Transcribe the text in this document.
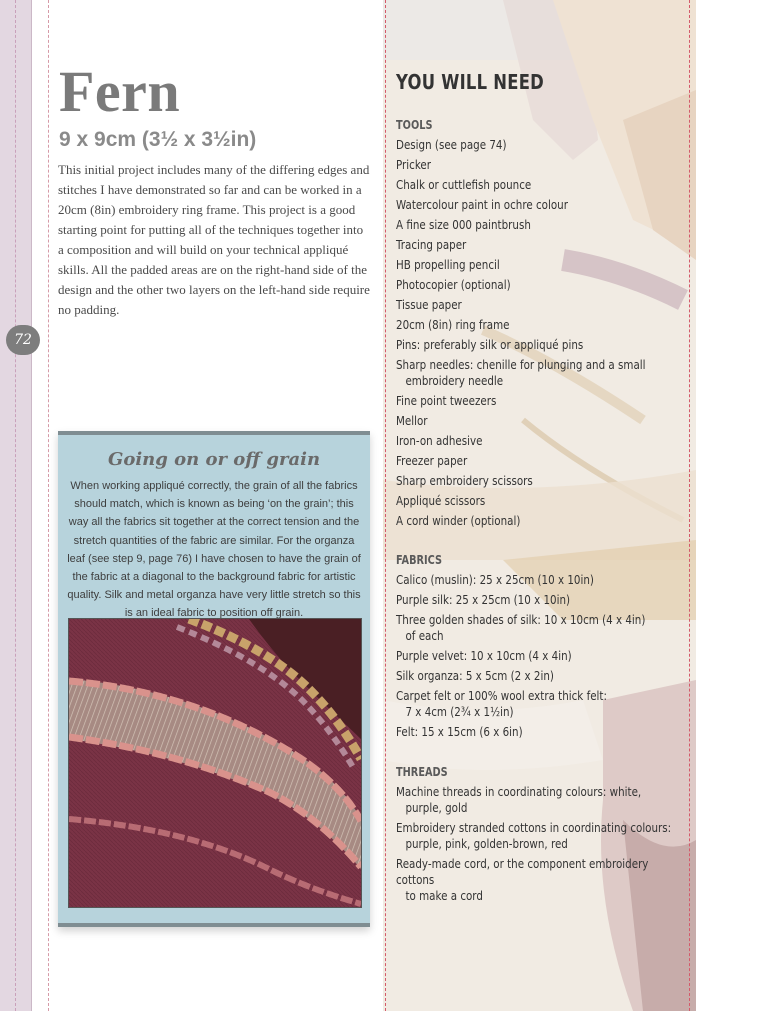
72
Fern
9 x 9cm (3½ x 3½in)

This initial project includes many of the differing edges and stitches I have demonstrated so far and can be worked in a 20cm (8in) embroidery ring frame. This project is a good starting point for putting all of the techniques together into a composition and will build on your technical appliqué skills. All the padded areas are on the right-hand side of the design and the other two layers on the left-hand side require no padding.

Going on or off grain

When working appliqué correctly, the grain of all the fabrics should match, which is known as being ‘on the grain’; this way all the fabrics sit together at the correct tension and the stretch quantities of the fabric are similar. For the organza leaf (see step 9, page 76) I have chosen to have the grain of the fabric at a diagonal to the background fabric for artistic quality. Silk and metal organza have very little stretch so this is an ideal fabric to position off grain.

YOU WILL NEED
TOOLS
Design (see page 74)
Pricker
Chalk or cuttlefish pounce
Watercolour paint in ochre colour
A fine size 000 paintbrush
Tracing paper
HB propelling pencil
Photocopier (optional)
Tissue paper
20cm (8in) ring frame
Pins: preferably silk or appliqué pins
Sharp needles: chenille for plunging and a small
embroidery needle
Fine point tweezers
Mellor
Iron-on adhesive
Freezer paper
Sharp embroidery scissors
Appliqué scissors
A cord winder (optional)
FABRICS
Calico (muslin): 25 x 25cm (10 x 10in)
Purple silk: 25 x 25cm (10 x 10in)
Three golden shades of silk: 10 x 10cm (4 x 4in)
of each
Purple velvet: 10 x 10cm (4 x 4in)
Silk organza: 5 x 5cm (2 x 2in)
Carpet felt or 100% wool extra thick felt:
7 x 4cm (2¾ x 1½in)
Felt: 15 x 15cm (6 x 6in)
THREADS
Machine threads in coordinating colours: white,
purple, gold
Embroidery stranded cottons in coordinating colours:
purple, pink, golden-brown, red
Ready-made cord, or the component embroidery cottons
to make a cord
